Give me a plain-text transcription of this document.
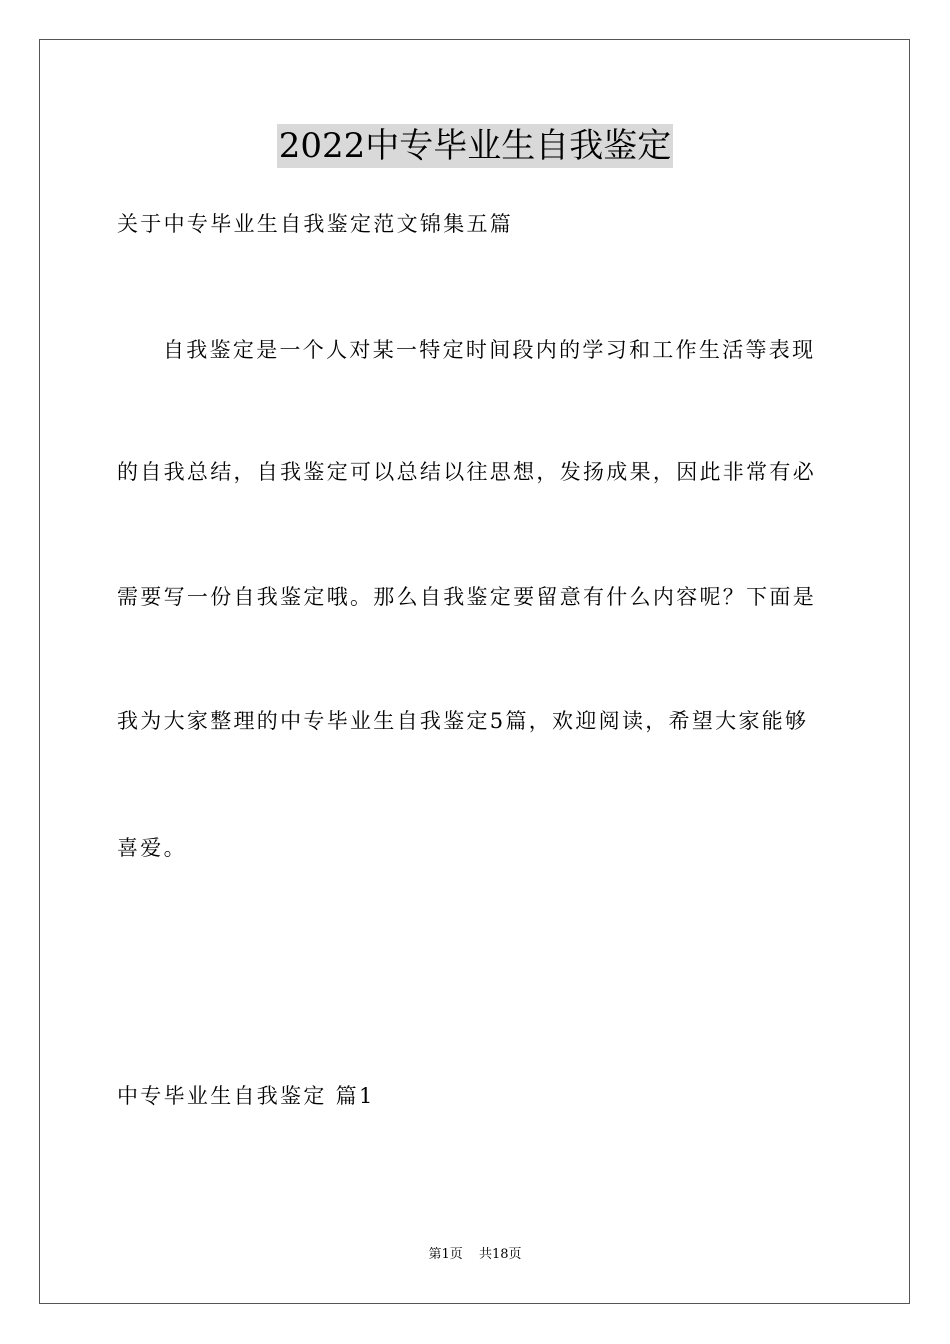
2022中专毕业生自我鉴定
关于中专毕业生自我鉴定范文锦集五篇
自我鉴定是一个人对某一特定时间段内的学习和工作生活等表现
的自我总结，自我鉴定可以总结以往思想，发扬成果，因此非常有必
需要写一份自我鉴定哦。那么自我鉴定要留意有什么内容呢？下面是
我为大家整理的中专毕业生自我鉴定5篇，欢迎阅读，希望大家能够
喜爱。
中专毕业生自我鉴定 篇1
第1页 共18页
